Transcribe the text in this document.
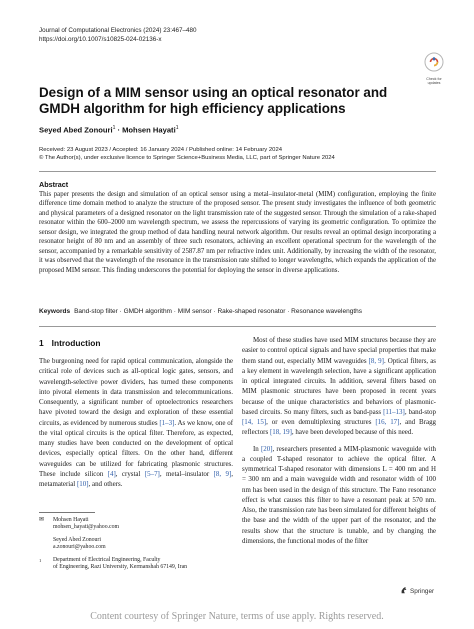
Journal of Computational Electronics (2024) 23:467–480
https://doi.org/10.1007/s10825-024-02136-x
Check for
updates
Design of a MIM sensor using an optical resonator and GMDH algorithm for high efficiency applications
Seyed Abed Zonouri$^1$ · Mohsen Hayati$^1$
Received: 23 August 2023 / Accepted: 16 January 2024 / Published online: 14 February 2024
© The Author(s), under exclusive licence to Springer Science+Business Media, LLC, part of Springer Nature 2024
Abstract
This paper presents the design and simulation of an optical sensor using a metal–insulator-metal (MIM) configuration, employing the finite difference time domain method to analyze the structure of the proposed sensor. The present study investigates the influence of both geometric and physical parameters of a designed resonator on the light transmission rate of the suggested sensor. Through the simulation of a rake-shaped resonator within the 600–2000 nm wavelength spectrum, we assess the repercussions of varying its geometric configuration. To optimize the sensor design, we integrated the group method of data handling neural network algorithm. Our results reveal an optimal design incorporating a resonator height of 80 nm and an assembly of three such resonators, achieving an excellent operational spectrum for the wavelength of the sensor, accompanied by a remarkable sensitivity of 2587.87 nm per refractive index unit. Additionally, by increasing the width of the resonator, it was observed that the wavelength of the resonance in the transmission rate shifted to longer wavelengths, which expands the application of the proposed MIM sensor. This finding underscores the potential for deploying the sensor in diverse applications.
Keywords Band-stop filter · GMDH algorithm · MIM sensor · Rake-shaped resonator · Resonance wavelengths
1 Introduction

The burgeoning need for rapid optical communication, alongside the critical role of devices such as all-optical logic gates, sensors, and wavelength-selective power dividers, has turned these components into pivotal elements in data transmission and telecommunications. Consequently, a significant number of optoelectronics researchers have pivoted toward the design and exploration of these essential circuits, as evidenced by numerous studies [1–3]. As we know, one of the vital optical circuits is the optical filter. Therefore, as expected, many studies have been conducted on the development of optical devices, especially optical filters. On the other hand, different waveguides can be utilized for fabricating plasmonic structures. These include silicon [4], crystal [5–7], metal–insulator [8, 9], metamaterial [10], and others.

Most of these studies have used MIM structures because they are easier to control optical signals and have special properties that make them stand out, especially MIM waveguides [8, 9]. Optical filters, as a key element in wavelength selection, have a significant application in optical integrated circuits. In addition, several filters based on MIM plasmonic structures have been proposed in recent years because of the unique characteristics and behaviors of plasmonic-based circuits. So many filters, such as band-pass [11–13], band-stop [14, 15], or even demultiplexing structures [16, 17], and Bragg reflectors [18, 19], have been developed because of this need.

In [20], researchers presented a MIM-plasmonic waveguide with a coupled T-shaped resonator to achieve the optical filter. A symmetrical T-shaped resonator with dimensions L = 400 nm and H = 300 nm and a main waveguide width and resonator width of 100 nm has been used in the design of this structure. The Fano resonance effect is what causes this filter to have a resonant peak at 570 nm. Also, the transmission rate has been simulated for different heights of the base and the width of the upper part of the resonator, and the results show that the structure is tunable, and by changing the dimensions, the functional modes of the filter

✉ Mohsen Hayati
mohsen_hayati@yahoo.com
Seyed Abed Zonouri
a.zonouri@yahoo.com
1 Department of Electrical Engineering, Faculty
of Engineering, Razi University, Kermanshah 67149, Iran
Springer
Content courtesy of Springer Nature, terms of use apply. Rights reserved.
